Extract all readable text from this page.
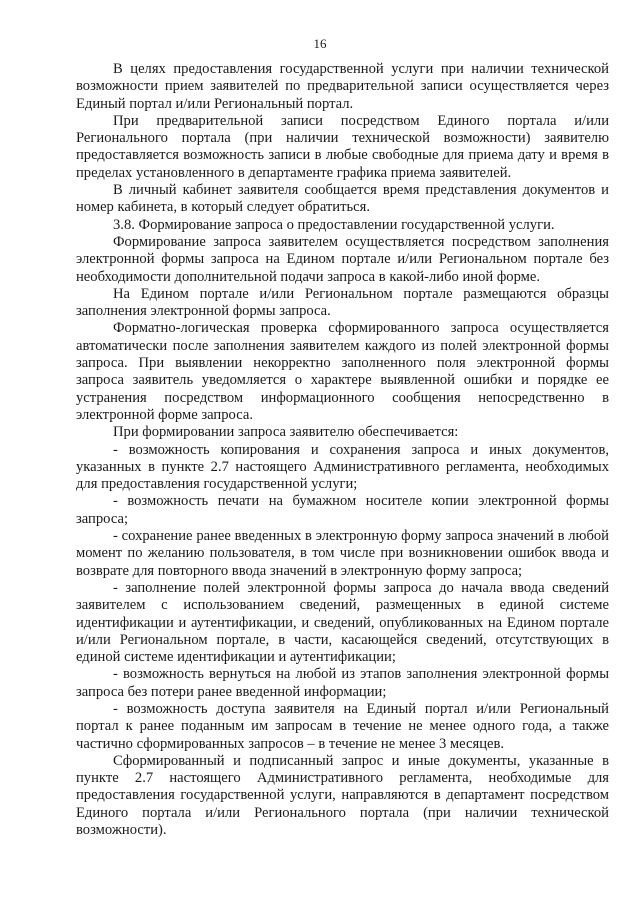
16

В целях предоставления государственной услуги при наличии технической возможности прием заявителей по предварительной записи осуществляется через Единый портал и/или Региональный портал.

При предварительной записи посредством Единого портала и/или Регионального портала (при наличии технической возможности) заявителю предоставляется возможность записи в любые свободные для приема дату и время в пределах установленного в департаменте графика приема заявителей.

В личный кабинет заявителя сообщается время представления документов и номер кабинета, в который следует обратиться.

3.8. Формирование запроса о предоставлении государственной услуги.

Формирование запроса заявителем осуществляется посредством заполнения электронной формы запроса на Едином портале и/или Региональном портале без необходимости дополнительной подачи запроса в какой-либо иной форме.

На Едином портале и/или Региональном портале размещаются образцы заполнения электронной формы запроса.

Форматно-логическая проверка сформированного запроса осуществляется автоматически после заполнения заявителем каждого из полей электронной формы запроса. При выявлении некорректно заполненного поля электронной формы запроса заявитель уведомляется о характере выявленной ошибки и порядке ее устранения посредством информационного сообщения непосредственно в электронной форме запроса.

При формировании запроса заявителю обеспечивается:

- возможность копирования и сохранения запроса и иных документов, указанных в пункте 2.7 настоящего Административного регламента, необходимых для предоставления государственной услуги;

- возможность печати на бумажном носителе копии электронной формы запроса;

- сохранение ранее введенных в электронную форму запроса значений в любой момент по желанию пользователя, в том числе при возникновении ошибок ввода и возврате для повторного ввода значений в электронную форму запроса;

- заполнение полей электронной формы запроса до начала ввода сведений заявителем с использованием сведений, размещенных в единой системе идентификации и аутентификации, и сведений, опубликованных на Едином портале и/или Региональном портале, в части, касающейся сведений, отсутствующих в единой системе идентификации и аутентификации;

- возможность вернуться на любой из этапов заполнения электронной формы запроса без потери ранее введенной информации;

- возможность доступа заявителя на Единый портал и/или Региональный портал к ранее поданным им запросам в течение не менее одного года, а также частично сформированных запросов – в течение не менее 3 месяцев.

Сформированный и подписанный запрос и иные документы, указанные в пункте 2.7 настоящего Административного регламента, необходимые для предоставления государственной услуги, направляются в департамент посредством Единого портала и/или Регионального портала (при наличии технической возможности).
